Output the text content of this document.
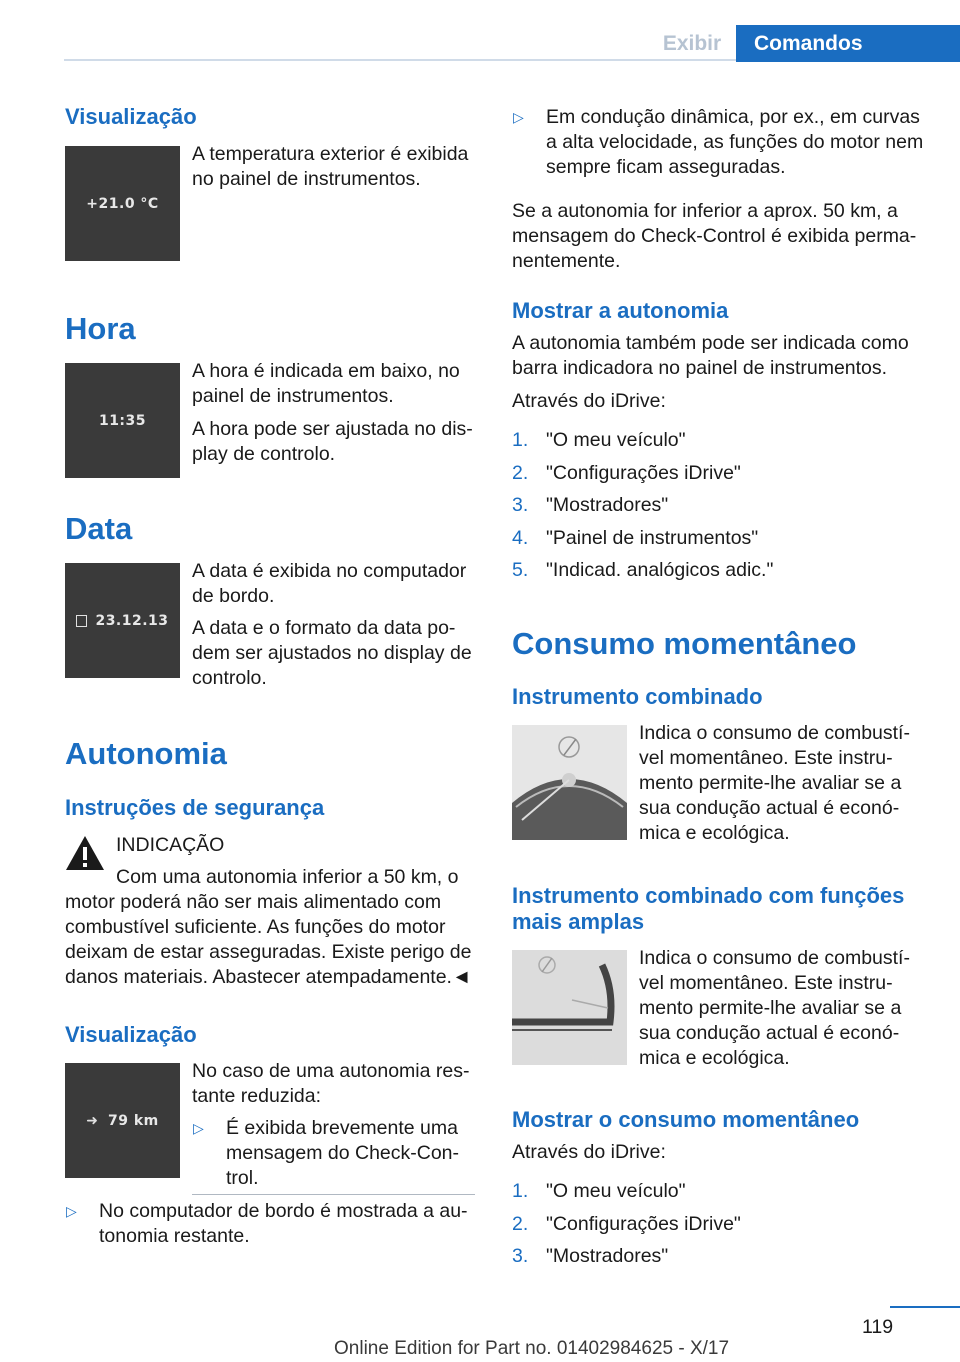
Exibir	Comandos
Visualização
+21.0 °C
A temperatura exterior é exibida
no painel de instrumentos.
Hora
11:35
A hora é indicada em baixo, no
painel de instrumentos.
A hora pode ser ajustada no dis‐
play de controlo.
Data
23.12.13
A data é exibida no computador
de bordo.
A data e o formato da data po‐
dem ser ajustados no display de
controlo.
Autonomia
Instruções de segurança
INDICAÇÃO
Com uma autonomia inferior a 50 km, o
motor poderá não ser mais alimentado com
combustível suficiente. As funções do motor
deixam de estar asseguradas. Existe perigo de
danos materiais. Abastecer atempadamente.◄
Visualização
➜ 79 km
No caso de uma autonomia res‐
tante reduzida:
▷ É exibida brevemente uma
mensagem do Check-Con‐
trol.
▷ No computador de bordo é mostrada a au‐
tonomia restante.
▷ Em condução dinâmica, por ex., em curvas
a alta velocidade, as funções do motor nem
sempre ficam asseguradas.
Se a autonomia for inferior a aprox. 50 km, a
mensagem do Check-Control é exibida perma‐
nentemente.
Mostrar a autonomia
A autonomia também pode ser indicada como
barra indicadora no painel de instrumentos.
Através do iDrive:
1. "O meu veículo"
2. "Configurações iDrive"
3. "Mostradores"
4. "Painel de instrumentos"
5. "Indicad. analógicos adic."
Consumo momentâneo
Instrumento combinado
Indica o consumo de combustí‐
vel momentâneo. Este instru‐
mento permite-lhe avaliar se a
sua condução actual é econó‐
mica e ecológica.
Instrumento combinado com funções
mais amplas
Indica o consumo de combustí‐
vel momentâneo. Este instru‐
mento permite-lhe avaliar se a
sua condução actual é econó‐
mica e ecológica.
Mostrar o consumo momentâneo
Através do iDrive:
1. "O meu veículo"
2. "Configurações iDrive"
3. "Mostradores"
119
Online Edition for Part no. 01402984625 - X/17
